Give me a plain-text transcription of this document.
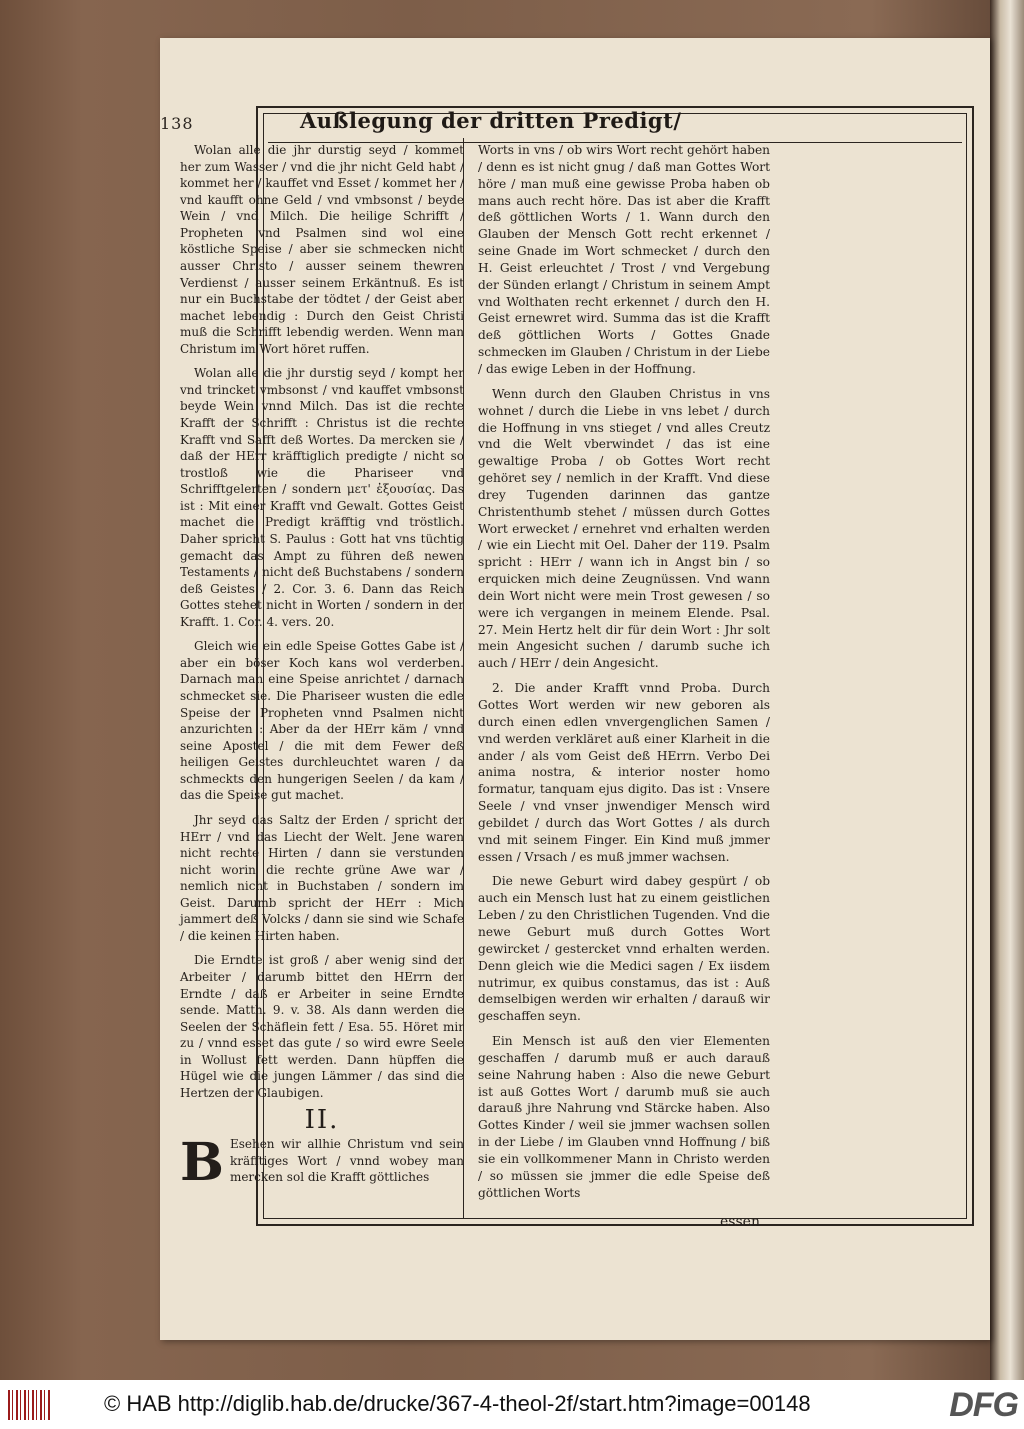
138	Außlegung der dritten Predigt/

Wolan alle die jhr durstig seyd / kommet her zum Wasser / vnd die jhr nicht Geld habt / kommet her / kauffet vnd Esset / kommet her / vnd kaufft ohne Geld / vnd vmbsonst / beyde Wein / vnd Milch. Die heilige Schrifft / Propheten vnd Psalmen sind wol eine köstliche Speise / aber sie schmecken nicht ausser Christo / ausser seinem thewren Verdienst / ausser seinem Erkäntnuß. Es ist nur ein Buchstabe der tödtet / der Geist aber machet lebendig : Durch den Geist Christi muß die Schrifft lebendig werden. Wenn man Christum im Wort höret ruffen.

Wolan alle die jhr durstig seyd / kompt her vnd trincket vmbsonst / vnd kauffet vmbsonst beyde Wein vnnd Milch. Das ist die rechte Krafft der Schrifft : Christus ist die rechte Krafft vnd Safft deß Wortes. Da mercken sie / daß der HErr kräfftiglich predigte / nicht so trostloß wie die Phariseer vnd Schrifftgelerten / sondern μετ' ἐξουσίας. Das ist : Mit einer Krafft vnd Gewalt. Gottes Geist machet die Predigt kräfftig vnd tröstlich. Daher spricht S. Paulus : Gott hat vns tüchtig gemacht das Ampt zu führen deß newen Testaments / nicht deß Buchstabens / sondern deß Geistes / 2. Cor. 3. 6. Dann das Reich Gottes stehet nicht in Worten / sondern in der Krafft. 1. Cor. 4. vers. 20.

Gleich wie ein edle Speise Gottes Gabe ist / aber ein böser Koch kans wol verderben. Darnach man eine Speise anrichtet / darnach schmecket sie. Die Phariseer wusten die edle Speise der Propheten vnnd Psalmen nicht anzurichten : Aber da der HErr käm / vnnd seine Apostel / die mit dem Fewer deß heiligen Geistes durchleuchtet waren / da schmeckts den hungerigen Seelen / da kam / das die Speise gut machet.

Jhr seyd das Saltz der Erden / spricht der HErr / vnd das Liecht der Welt. Jene waren nicht rechte Hirten / dann sie verstunden nicht worin die rechte grüne Awe war / nemlich nicht in Buchstaben / sondern im Geist. Darumb spricht der HErr : Mich jammert deß Volcks / dann sie sind wie Schafe / die keinen Hirten haben.

Die Erndte ist groß / aber wenig sind der Arbeiter / darumb bittet den HErrn der Erndte / daß er Arbeiter in seine Erndte sende. Matth. 9. v. 38. Als dann werden die Seelen der Schäflein fett / Esa. 55. Höret mir zu / vnnd esset das gute / so wird ewre Seele in Wollust fett werden. Dann hüpffen die Hügel wie die jungen Lämmer / das sind die Hertzen der Glaubigen.

II.

B Esehen wir allhie Christum vnd sein kräfftiges Wort / vnnd wobey man mercken sol die Krafft göttliches

Worts in vns / ob wirs Wort recht gehört haben / denn es ist nicht gnug / daß man Gottes Wort höre / man muß eine gewisse Proba haben ob mans auch recht höre. Das ist aber die Krafft deß göttlichen Worts / 1. Wann durch den Glauben der Mensch Gott recht erkennet / seine Gnade im Wort schmecket / durch den H. Geist erleuchtet / Trost / vnd Vergebung der Sünden erlangt / Christum in seinem Ampt vnd Wolthaten recht erkennet / durch den H. Geist ernewret wird. Summa das ist die Krafft deß göttlichen Worts / Gottes Gnade schmecken im Glauben / Christum in der Liebe / das ewige Leben in der Hoffnung.

Wenn durch den Glauben Christus in vns wohnet / durch die Liebe in vns lebet / durch die Hoffnung in vns stieget / vnd alles Creutz vnd die Welt vberwindet / das ist eine gewaltige Proba / ob Gottes Wort recht gehöret sey / nemlich in der Krafft. Vnd diese drey Tugenden darinnen das gantze Christenthumb stehet / müssen durch Gottes Wort erwecket / ernehret vnd erhalten werden / wie ein Liecht mit Oel. Daher der 119. Psalm spricht : HErr / wann ich in Angst bin / so erquicken mich deine Zeugnüssen. Vnd wann dein Wort nicht were mein Trost gewesen / so were ich vergangen in meinem Elende. Psal. 27. Mein Hertz helt dir für dein Wort : Jhr solt mein Angesicht suchen / darumb suche ich auch / HErr / dein Angesicht.

2. Die ander Krafft vnnd Proba. Durch Gottes Wort werden wir new geboren als durch einen edlen vnvergenglichen Samen / vnd werden verkläret auß einer Klarheit in die ander / als vom Geist deß HErrn. Verbo Dei anima nostra, & interior noster homo formatur, tanquam ejus digito. Das ist : Vnsere Seele / vnd vnser jnwendiger Mensch wird gebildet / durch das Wort Gottes / als durch vnd mit seinem Finger. Ein Kind muß jmmer essen / Vrsach / es muß jmmer wachsen.

Die newe Geburt wird dabey gespürt / ob auch ein Mensch lust hat zu einem geistlichen Leben / zu den Christlichen Tugenden. Vnd die newe Geburt muß durch Gottes Wort gewircket / gestercket vnnd erhalten werden. Denn gleich wie die Medici sagen / Ex iisdem nutrimur, ex quibus constamus, das ist : Auß demselbigen werden wir erhalten / darauß wir geschaffen seyn.

Ein Mensch ist auß den vier Elementen geschaffen / darumb muß er auch darauß seine Nahrung haben : Also die newe Geburt ist auß Gottes Wort / darumb muß sie auch darauß jhre Nahrung vnd Stärcke haben. Also Gottes Kinder / weil sie jmmer wachsen sollen in der Liebe / im Glauben vnnd Hoffnung / biß sie ein vollkommener Mann in Christo werden / so müssen sie jmmer die edle Speise deß göttlichen Worts

essen
© HAB http://diglib.hab.de/drucke/367-4-theol-2f/start.htm?image=00148	DFG
